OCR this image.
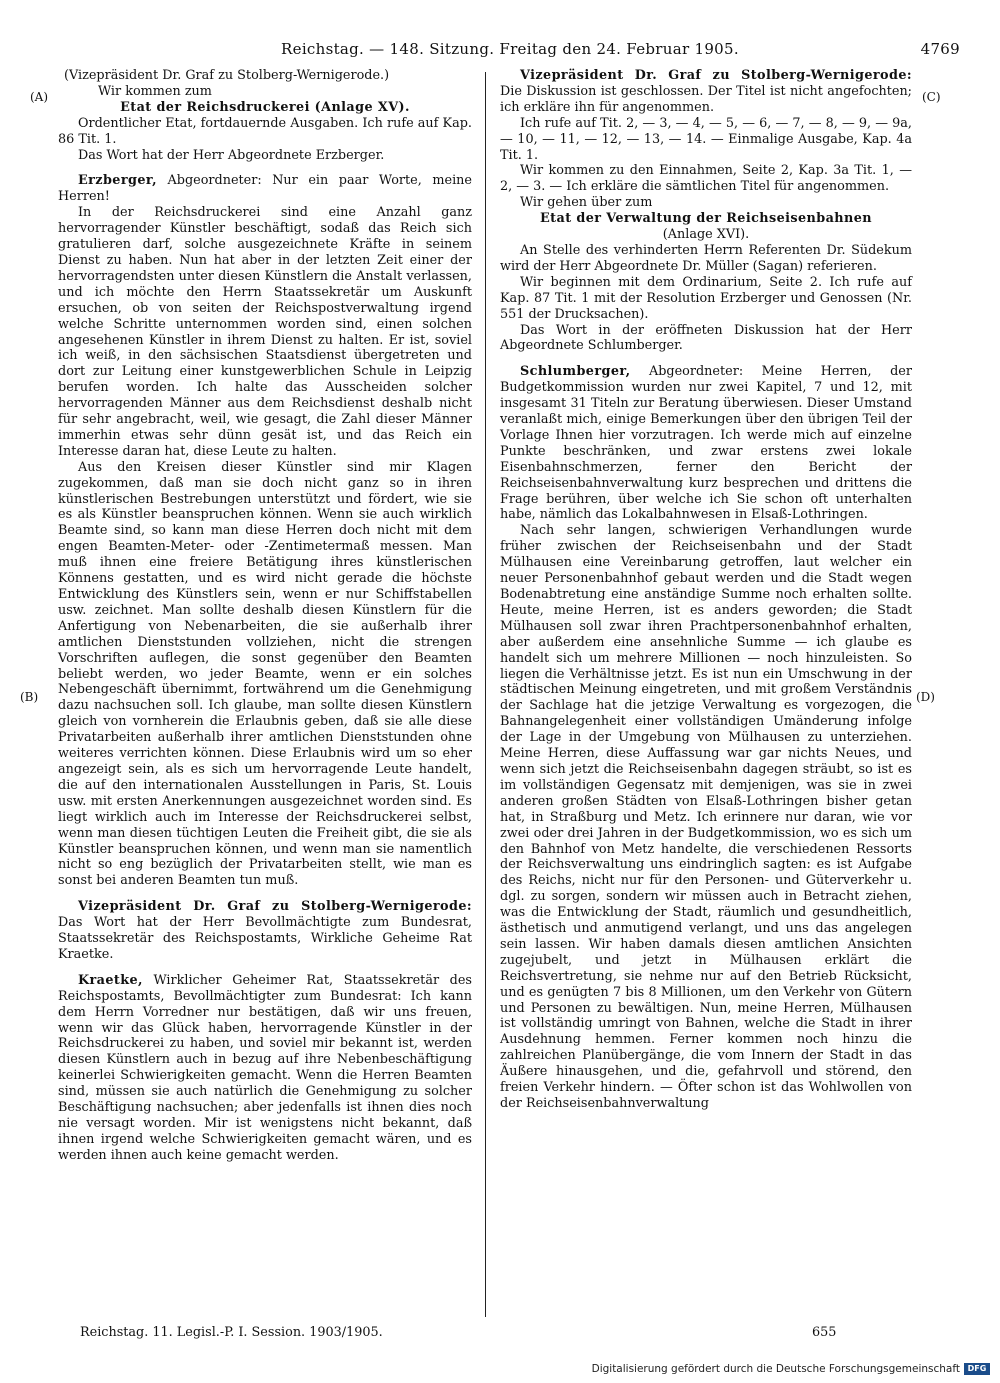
Reichstag. — 148. Sitzung. Freitag den 24. Februar 1905.	4769
(A)
(B)
(C)
(D)

(Vizepräsident Dr. Graf zu Stolberg-Wernigerode.)

Wir kommen zum

Etat der Reichsdruckerei (Anlage XV).

Ordentlicher Etat, fortdauernde Ausgaben. Ich rufe auf Kap. 86 Tit. 1.

Das Wort hat der Herr Abgeordnete Erzberger.

Erzberger, Abgeordneter: Nur ein paar Worte, meine Herren!

In der Reichsdruckerei sind eine Anzahl ganz hervorragender Künstler beschäftigt, sodaß das Reich sich gratulieren darf, solche ausgezeichnete Kräfte in seinem Dienst zu haben. Nun hat aber in der letzten Zeit einer der hervorragendsten unter diesen Künstlern die Anstalt verlassen, und ich möchte den Herrn Staatssekretär um Auskunft ersuchen, ob von seiten der Reichspostverwaltung irgend welche Schritte unternommen worden sind, einen solchen angesehenen Künstler in ihrem Dienst zu halten. Er ist, soviel ich weiß, in den sächsischen Staatsdienst übergetreten und dort zur Leitung einer kunstgewerblichen Schule in Leipzig berufen worden. Ich halte das Ausscheiden solcher hervorragenden Männer aus dem Reichsdienst deshalb nicht für sehr angebracht, weil, wie gesagt, die Zahl dieser Männer immerhin etwas sehr dünn gesät ist, und das Reich ein Interesse daran hat, diese Leute zu halten.

Aus den Kreisen dieser Künstler sind mir Klagen zugekommen, daß man sie doch nicht ganz so in ihren künstlerischen Bestrebungen unterstützt und fördert, wie sie es als Künstler beanspruchen können. Wenn sie auch wirklich Beamte sind, so kann man diese Herren doch nicht mit dem engen Beamten-Meter- oder -Zentimetermaß messen. Man muß ihnen eine freiere Betätigung ihres künstlerischen Könnens gestatten, und es wird nicht gerade die höchste Entwicklung des Künstlers sein, wenn er nur Schiffstabellen usw. zeichnet. Man sollte deshalb diesen Künstlern für die Anfertigung von Nebenarbeiten, die sie außerhalb ihrer amtlichen Dienststunden vollziehen, nicht die strengen Vorschriften auflegen, die sonst gegenüber den Beamten beliebt werden, wo jeder Beamte, wenn er ein solches Nebengeschäft übernimmt, fortwährend um die Genehmigung dazu nachsuchen soll. Ich glaube, man sollte diesen Künstlern gleich von vornherein die Erlaubnis geben, daß sie alle diese Privatarbeiten außerhalb ihrer amtlichen Dienststunden ohne weiteres verrichten können. Diese Erlaubnis wird um so eher angezeigt sein, als es sich um hervorragende Leute handelt, die auf den internationalen Ausstellungen in Paris, St. Louis usw. mit ersten Anerkennungen ausgezeichnet worden sind. Es liegt wirklich auch im Interesse der Reichsdruckerei selbst, wenn man diesen tüchtigen Leuten die Freiheit gibt, die sie als Künstler beanspruchen können, und wenn man sie namentlich nicht so eng bezüglich der Privatarbeiten stellt, wie man es sonst bei anderen Beamten tun muß.

Vizepräsident Dr. Graf zu Stolberg-Wernigerode: Das Wort hat der Herr Bevollmächtigte zum Bundesrat, Staatssekretär des Reichspostamts, Wirkliche Geheime Rat Kraetke.

Kraetke, Wirklicher Geheimer Rat, Staatssekretär des Reichspostamts, Bevollmächtigter zum Bundesrat: Ich kann dem Herrn Vorredner nur bestätigen, daß wir uns freuen, wenn wir das Glück haben, hervorragende Künstler in der Reichsdruckerei zu haben, und soviel mir bekannt ist, werden diesen Künstlern auch in bezug auf ihre Nebenbeschäftigung keinerlei Schwierigkeiten gemacht. Wenn die Herren Beamten sind, müssen sie auch natürlich die Genehmigung zu solcher Beschäftigung nachsuchen; aber jedenfalls ist ihnen dies noch nie versagt worden. Mir ist wenigstens nicht bekannt, daß ihnen irgend welche Schwierigkeiten gemacht wären, und es werden ihnen auch keine gemacht werden.

Vizepräsident Dr. Graf zu Stolberg-Wernigerode: Die Diskussion ist geschlossen. Der Titel ist nicht angefochten; ich erkläre ihn für angenommen.

Ich rufe auf Tit. 2, — 3, — 4, — 5, — 6, — 7, — 8, — 9, — 9a, — 10, — 11, — 12, — 13, — 14. — Einmalige Ausgabe, Kap. 4a Tit. 1.

Wir kommen zu den Einnahmen, Seite 2, Kap. 3a Tit. 1, — 2, — 3. — Ich erkläre die sämtlichen Titel für angenommen.

Wir gehen über zum

Etat der Verwaltung der Reichseisenbahnen

(Anlage XVI).

An Stelle des verhinderten Herrn Referenten Dr. Südekum wird der Herr Abgeordnete Dr. Müller (Sagan) referieren.

Wir beginnen mit dem Ordinarium, Seite 2. Ich rufe auf Kap. 87 Tit. 1 mit der Resolution Erzberger und Genossen (Nr. 551 der Drucksachen).

Das Wort in der eröffneten Diskussion hat der Herr Abgeordnete Schlumberger.

Schlumberger, Abgeordneter: Meine Herren, der Budgetkommission wurden nur zwei Kapitel, 7 und 12, mit insgesamt 31 Titeln zur Beratung überwiesen. Dieser Umstand veranlaßt mich, einige Bemerkungen über den übrigen Teil der Vorlage Ihnen hier vorzutragen. Ich werde mich auf einzelne Punkte beschränken, und zwar erstens zwei lokale Eisenbahnschmerzen, ferner den Bericht der Reichseisenbahnverwaltung kurz besprechen und drittens die Frage berühren, über welche ich Sie schon oft unterhalten habe, nämlich das Lokalbahnwesen in Elsaß-Lothringen.

Nach sehr langen, schwierigen Verhandlungen wurde früher zwischen der Reichseisenbahn und der Stadt Mülhausen eine Vereinbarung getroffen, laut welcher ein neuer Personenbahnhof gebaut werden und die Stadt wegen Bodenabtretung eine anständige Summe noch erhalten sollte. Heute, meine Herren, ist es anders geworden; die Stadt Mülhausen soll zwar ihren Prachtpersonenbahnhof erhalten, aber außerdem eine ansehnliche Summe — ich glaube es handelt sich um mehrere Millionen — noch hinzuleisten. So liegen die Verhältnisse jetzt. Es ist nun ein Umschwung in der städtischen Meinung eingetreten, und mit großem Verständnis der Sachlage hat die jetzige Verwaltung es vorgezogen, die Bahnangelegenheit einer vollständigen Umänderung infolge der Lage in der Umgebung von Mülhausen zu unterziehen. Meine Herren, diese Auffassung war gar nichts Neues, und wenn sich jetzt die Reichseisenbahn dagegen sträubt, so ist es im vollständigen Gegensatz mit demjenigen, was sie in zwei anderen großen Städten von Elsaß-Lothringen bisher getan hat, in Straßburg und Metz. Ich erinnere nur daran, wie vor zwei oder drei Jahren in der Budgetkommission, wo es sich um den Bahnhof von Metz handelte, die verschiedenen Ressorts der Reichsverwaltung uns eindringlich sagten: es ist Aufgabe des Reichs, nicht nur für den Personen- und Güterverkehr u. dgl. zu sorgen, sondern wir müssen auch in Betracht ziehen, was die Entwicklung der Stadt, räumlich und gesundheitlich, ästhetisch und anmutigend verlangt, und uns das angelegen sein lassen. Wir haben damals diesen amtlichen Ansichten zugejubelt, und jetzt in Mülhausen erklärt die Reichsvertretung, sie nehme nur auf den Betrieb Rücksicht, und es genügten 7 bis 8 Millionen, um den Verkehr von Gütern und Personen zu bewältigen. Nun, meine Herren, Mülhausen ist vollständig umringt von Bahnen, welche die Stadt in ihrer Ausdehnung hemmen. Ferner kommen noch hinzu die zahlreichen Planübergänge, die vom Innern der Stadt in das Äußere hinausgehen, und die, gefahrvoll und störend, den freien Verkehr hindern. — Öfter schon ist das Wohlwollen von der Reichseisenbahnverwaltung

Reichstag. 11. Legisl.-P. I. Session. 1903/1905.	655
Digitalisierung gefördert durch die Deutsche Forschungsgemeinschaft DFG
